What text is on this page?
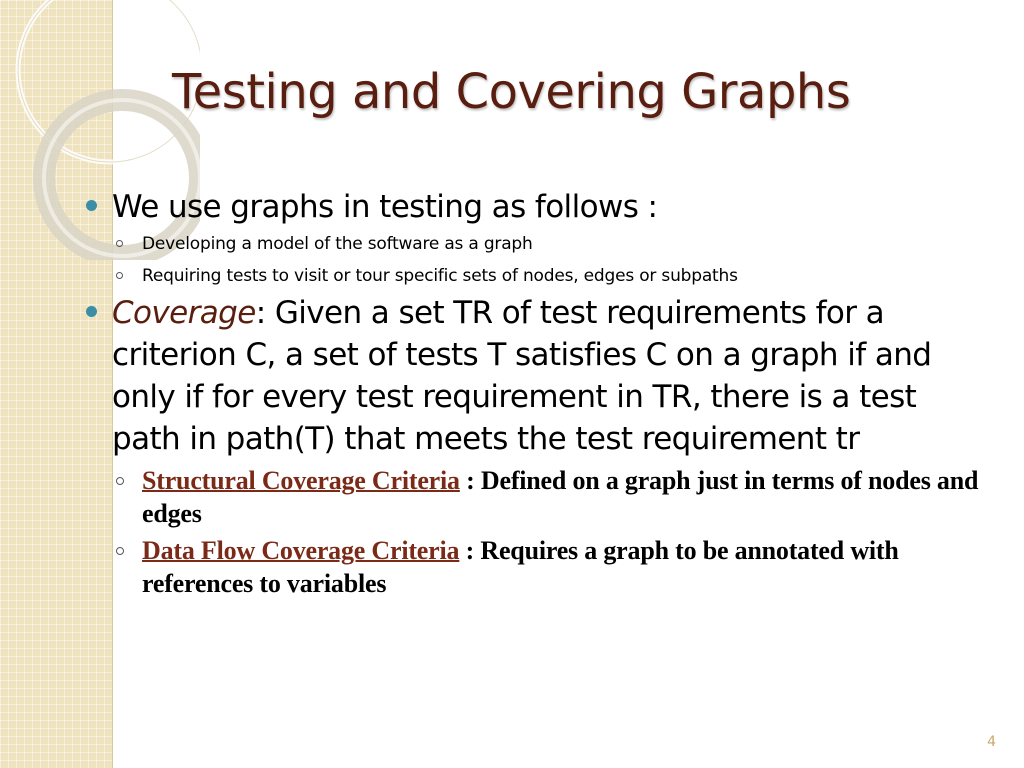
Testing and Covering Graphs

We use graphs in testing as follows :

Developing a model of the software as a graph

Requiring tests to visit or tour specific sets of nodes, edges or subpaths

Coverage: Given a set TR of test requirements for a criterion C, a set of tests T satisfies C on a graph if and only if for every test requirement in TR, there is a test path in path(T) that meets the test requirement tr

Structural Coverage Criteria : Defined on a graph just in terms of nodes and edges

Data Flow Coverage Criteria : Requires a graph to be annotated with references to variables

4
